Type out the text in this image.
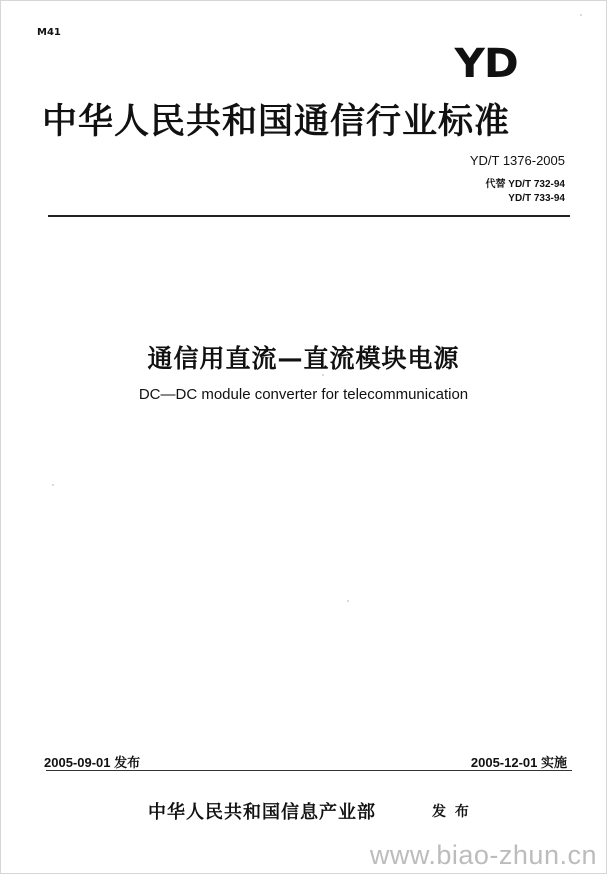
M41
YD
中华人民共和国通信行业标准
YD/T 1376-2005
代替 YD/T 732-94
YD/T 733-94
通信用直流—直流模块电源
DC—DC module converter for telecommunication
2005-09-01 发布	2005-12-01 实施
中华人民共和国信息产业部	发 布
www.biao-zhun.cn
